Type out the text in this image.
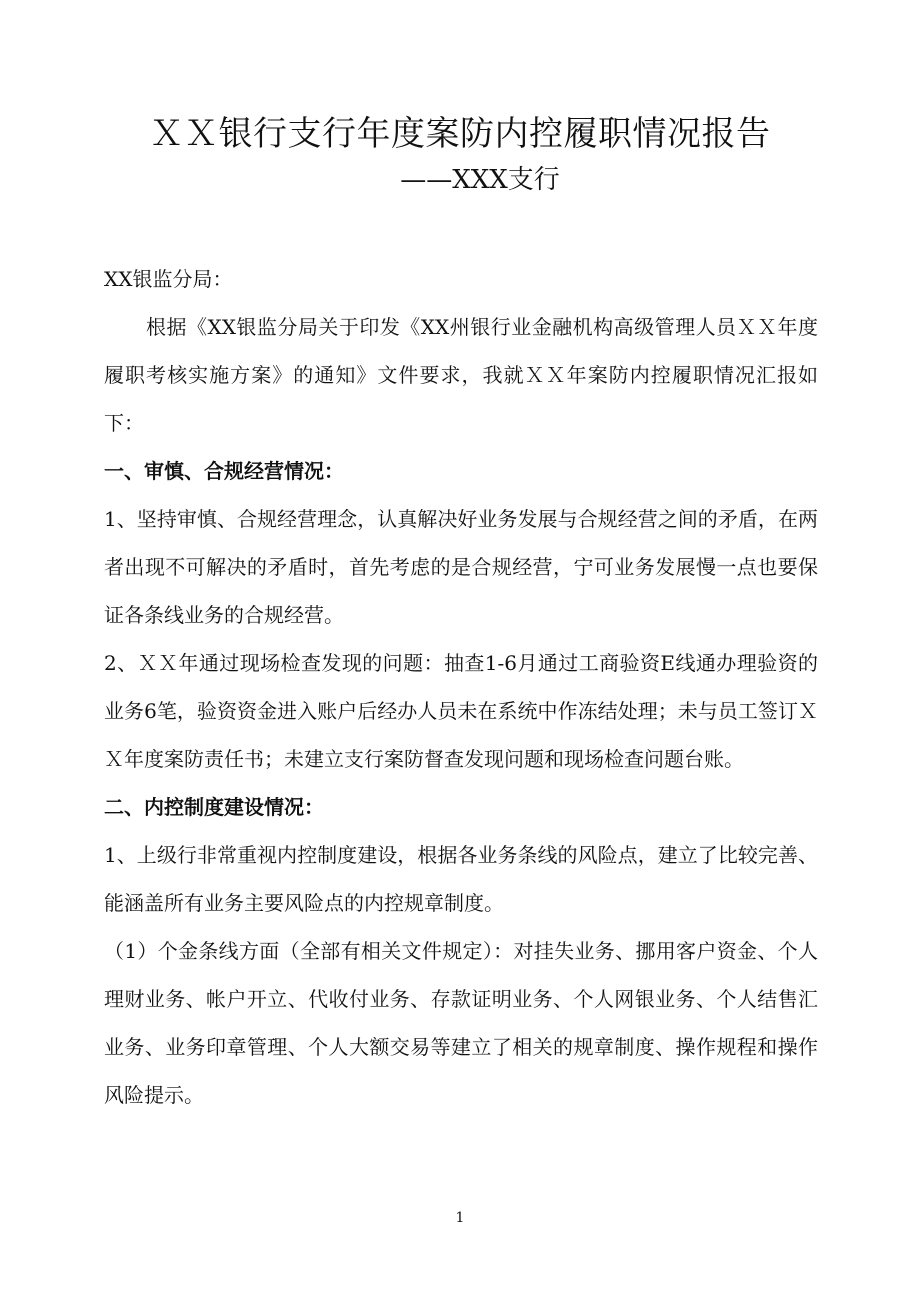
ＸＸ银行支行年度案防内控履职情况报告
——XXX支行

XX银监分局：

根据《XX银监分局关于印发《XX州银行业金融机构高级管理人员ＸＸ年度履职考核实施方案》的通知》文件要求，我就ＸＸ年案防内控履职情况汇报如下：

一、审慎、合规经营情况：

1、坚持审慎、合规经营理念，认真解决好业务发展与合规经营之间的矛盾，在两者出现不可解决的矛盾时，首先考虑的是合规经营，宁可业务发展慢一点也要保证各条线业务的合规经营。

2、ＸＸ年通过现场检查发现的问题：抽查1-6月通过工商验资E线通办理验资的业务6笔，验资资金进入账户后经办人员未在系统中作冻结处理；未与员工签订ＸＸ年度案防责任书；未建立支行案防督查发现问题和现场检查问题台账。

二、内控制度建设情况：

1、上级行非常重视内控制度建设，根据各业务条线的风险点，建立了比较完善、能涵盖所有业务主要风险点的内控规章制度。

（1）个金条线方面（全部有相关文件规定）：对挂失业务、挪用客户资金、个人理财业务、帐户开立、代收付业务、存款证明业务、个人网银业务、个人结售汇业务、业务印章管理、个人大额交易等建立了相关的规章制度、操作规程和操作风险提示。

1
